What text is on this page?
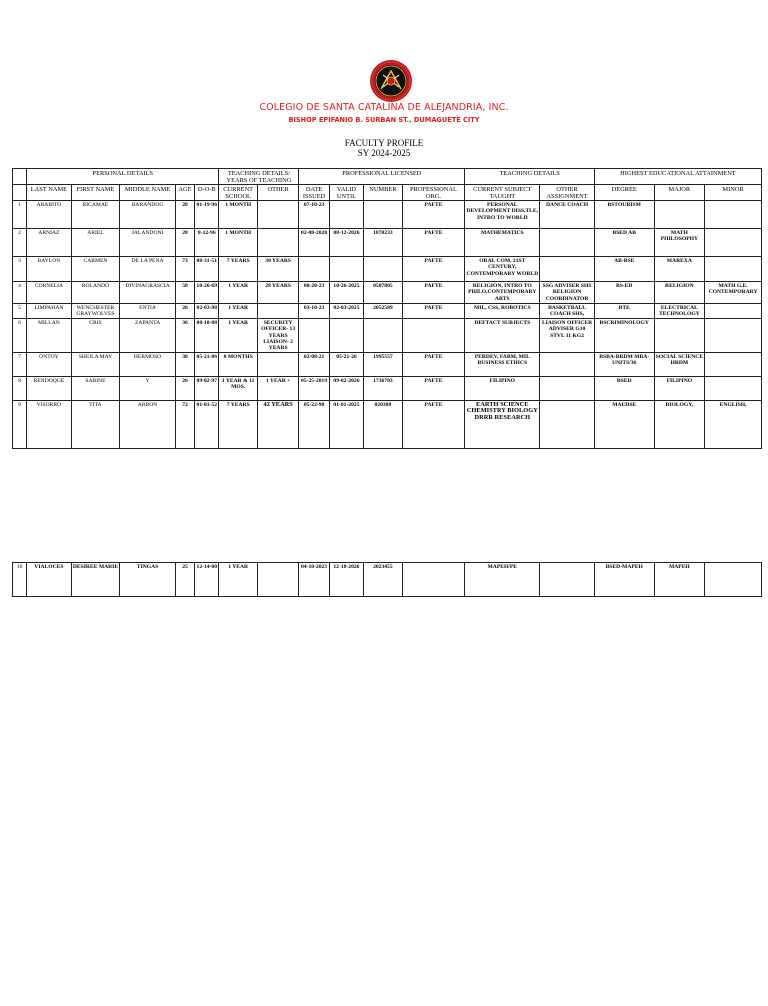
COLEGIO DE SANTA CATALINA DE ALEJANDRIA, INC.
BISHOP EPIFANIO B. SURBAN ST., DUMAGUETE CITY
FACULTY PROFILE
SY 2024-2025
	PERSONAL DETAILS					TEACHING DETAILS/ YEARS OF TEACHING		PROFESSIONAL LICENSED				TEACHING DETAILS		HIGHEST EDUCATIONAL ATTAINMENT		
	LAST NAME	FIRST NAME	MIDDLE NAME	AGE	D-O-B	CURRENT SCHOOL	OTHER	DATE ISSUED	VALID UNTIL	NUMBER	PROFESSIONAL ORG.	CURRENT SUBJECT TAUGHT	OTHER ASSIGNMENT	DEGREE	MAJOR	MINOR
1	ABABITO	RICAMAE	BARANDOG	28	01-19-96	1 MONTH		07-10-23			PAFTE	PERSONAL DEVELOPMENT DISS,TLE, INTRO TO WORLD	DANCE COACH	BSTOURISM		
2	ARNIAZ	ARIEL	JALANDONI	28	8-12-96	1 MONTH		02-08-2020	08-12-2026	1870233	PAFTE	MATHEMATICS		BSED AB	MATH PHILOSOPHY	
3	BAYLON	CARMEN	DE LA PENA	73	08-31-51	7 YEARS	30 YEARS				PAFTE	ORAL COM, 21ST CENTURY, CONTEMPORARY WORLD		AB-BSE	MAREXA	
4	CORNELIA	ROLANDO	DIVINAGRASCIA	58	10-26-69	1 YEAR	28 YEARS	08-20-23	10-26-2025	0507805	PAFTE	RELIGION, INTRO TO PHILO,CONTEMPORARY ARTS	SSG ADVISER SHS RELIGION COORDINATOR	BS-ED	RELIGION	MATH G.E. CONTEMPORARY
5	LIMPAHAN	WENCHESTER GRAYWOLVES	ENTIA	26	02-03-98	1 YEAR		03-10-23	02-03-2025	2052589	PAFTE	MIL, CSS, ROBOTICS	BASKETBALL COACH SHS,	BTE	ELECTRICAL TECHNOLOGY	
6	MILLAN	CRIS	ZAPANTA	36	08-18-88	1 YEAR	SECURITY OFFICER- 13 YEARS LIAISON- 2 YEARS					DEFTACT SUBJECTS	LIAISON OFFICER ADVISER G10 STVL 11 KG2	BSCRIMINOLOGY		
7	ONTOY	SHEILA MAY	HERMOSO	38	05-21-86	8 MONTHS		02-08-21	05-21-26	1995557	PAFTE	PERDEV, FABM, MIL BUSINESS ETHICS		BSBA-BRDM MBA-UNITS/36	SOCIAL SCIENCE HRDM	
8	RENDOQUE	SABINE	Y	26	09-02-97	1 YEAR & 11 MOS.	1 YEAR +	05-25-2019	09-02-2026	1736703	PAFTE	FILIPINO		BSED	FILIPINO	
9	VISORRO	TITA	ARBON	72	01-01-52	7 YEARS	42 YEARS	05-22-98	01-01-2025	020308	PAFTE	EARTH SCIENCE CHEMISTRY BIOLOGY DRRR RESEARCH		MAEDSE	BIOLOGY,	ENGLISH,
10	VIALOCES	DESIREE MARIE	TINGAS	25	12-14-00	1 YEAR		04-10-2023	12-18-2026	2023455		MAPEH/PE		BSED-MAPEH	MAPEH	
